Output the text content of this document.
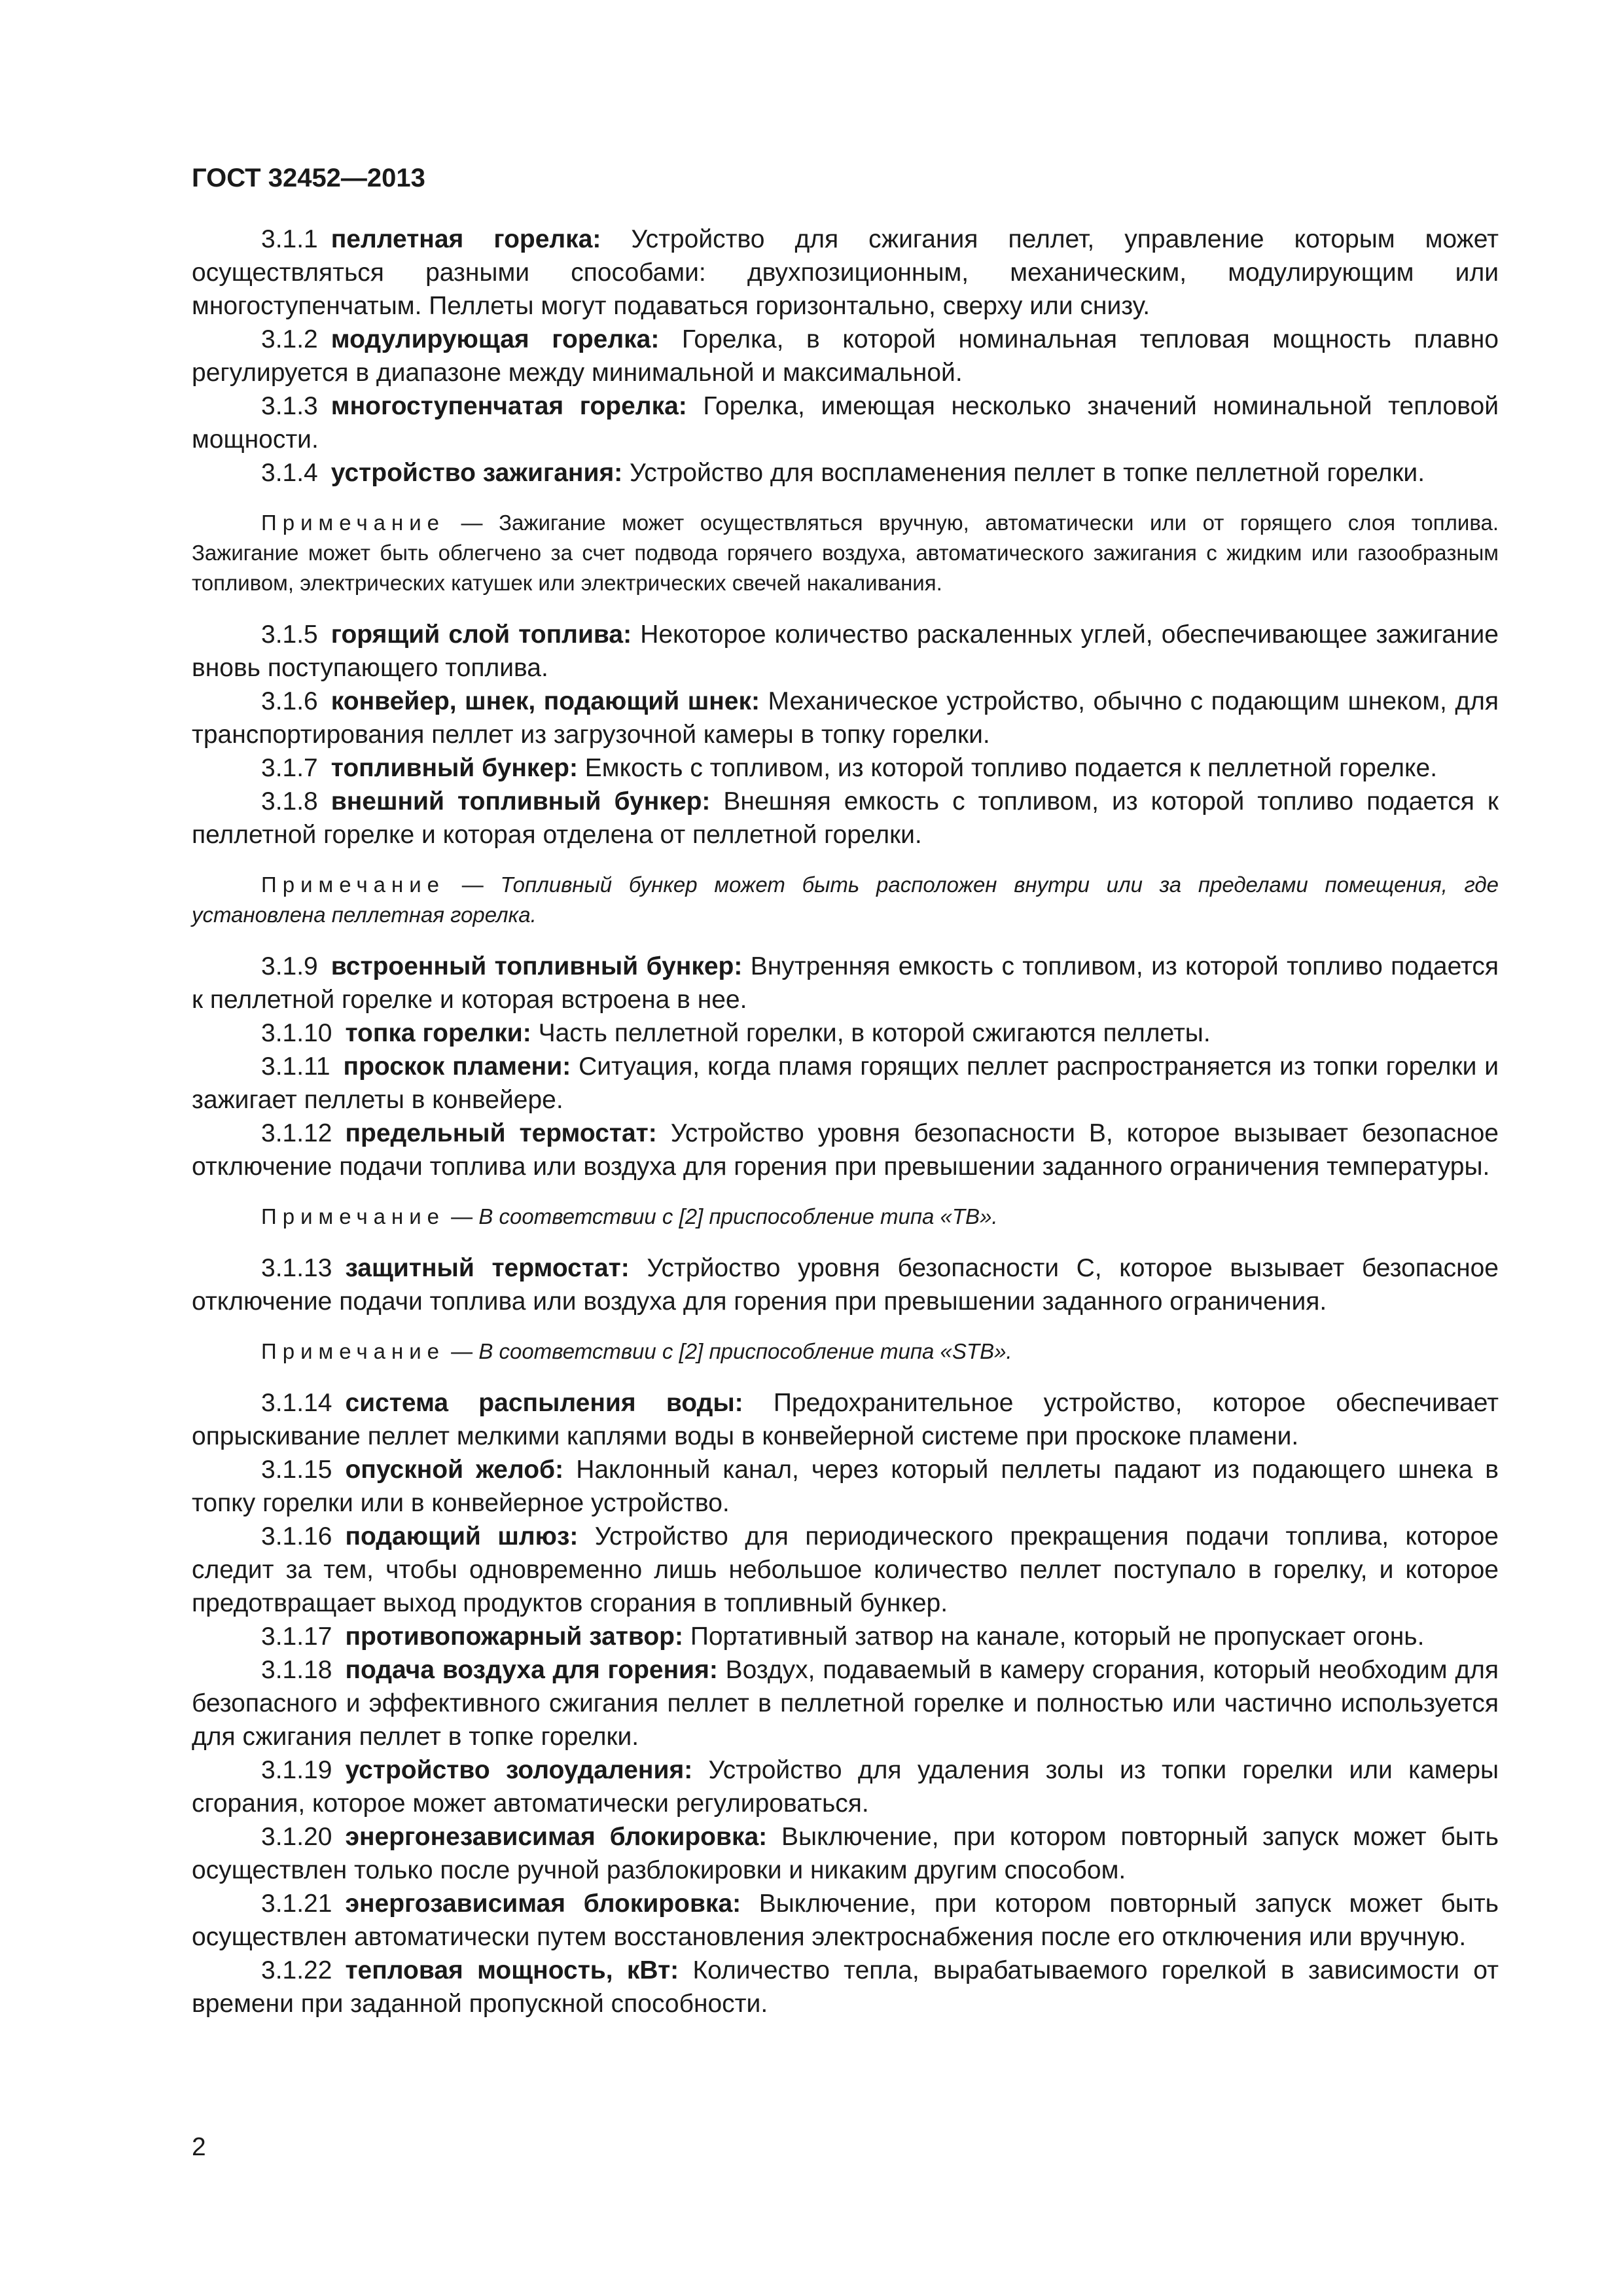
ГОСТ 32452—2013

3.1.1 пеллетная горелка: Устройство для сжигания пеллет, управление которым может осуществляться разными способами: двухпозиционным, механическим, модулирующим или многоступенчатым. Пеллеты могут подаваться горизонтально, сверху или снизу.

3.1.2 модулирующая горелка: Горелка, в которой номинальная тепловая мощность плавно регулируется в диапазоне между минимальной и максимальной.

3.1.3 многоступенчатая горелка: Горелка, имеющая несколько значений номинальной тепловой мощности.

3.1.4 устройство зажигания: Устройство для воспламенения пеллет в топке пеллетной горелки.

Примечание — Зажигание может осуществляться вручную, автоматически или от горящего слоя топлива. Зажигание может быть облегчено за счет подвода горячего воздуха, автоматического зажигания с жидким или газообразным топливом, электрических катушек или электрических свечей накаливания.

3.1.5 горящий слой топлива: Некоторое количество раскаленных углей, обеспечивающее зажигание вновь поступающего топлива.

3.1.6 конвейер, шнек, подающий шнек: Механическое устройство, обычно с подающим шнеком, для транспортирования пеллет из загрузочной камеры в топку горелки.

3.1.7 топливный бункер: Емкость с топливом, из которой топливо подается к пеллетной горелке.

3.1.8 внешний топливный бункер: Внешняя емкость с топливом, из которой топливо подается к пеллетной горелке и которая отделена от пеллетной горелки.

Примечание — Топливный бункер может быть расположен внутри или за пределами помещения, где установлена пеллетная горелка.

3.1.9 встроенный топливный бункер: Внутренняя емкость с топливом, из которой топливо подается к пеллетной горелке и которая встроена в нее.

3.1.10 топка горелки: Часть пеллетной горелки, в которой сжигаются пеллеты.

3.1.11 проскок пламени: Ситуация, когда пламя горящих пеллет распространяется из топки горелки и зажигает пеллеты в конвейере.

3.1.12 предельный термостат: Устройство уровня безопасности В, которое вызывает безопасное отключение подачи топлива или воздуха для горения при превышении заданного ограничения температуры.

Примечание — В соответствии с [2] приспособление типа «ТВ».

3.1.13 защитный термостат: Устрйоство уровня безопасности С, которое вызывает безопасное отключение подачи топлива или воздуха для горения при превышении заданного ограничения.

Примечание — В соответствии с [2] приспособление типа «STB».

3.1.14 система распыления воды: Предохранительное устройство, которое обеспечивает опрыскивание пеллет мелкими каплями воды в конвейерной системе при проскоке пламени.

3.1.15 опускной желоб: Наклонный канал, через который пеллеты падают из подающего шнека в топку горелки или в конвейерное устройство.

3.1.16 подающий шлюз: Устройство для периодического прекращения подачи топлива, которое следит за тем, чтобы одновременно лишь небольшое количество пеллет поступало в горелку, и которое предотвращает выход продуктов сгорания в топливный бункер.

3.1.17 противопожарный затвор: Портативный затвор на канале, который не пропускает огонь.

3.1.18 подача воздуха для горения: Воздух, подаваемый в камеру сгорания, который необходим для безопасного и эффективного сжигания пеллет в пеллетной горелке и полностью или частично используется для сжигания пеллет в топке горелки.

3.1.19 устройство золоудаления: Устройство для удаления золы из топки горелки или камеры сгорания, которое может автоматически регулироваться.

3.1.20 энергонезависимая блокировка: Выключение, при котором повторный запуск может быть осуществлен только после ручной разблокировки и никаким другим способом.

3.1.21 энергозависимая блокировка: Выключение, при котором повторный запуск может быть осуществлен автоматически путем восстановления электроснабжения после его отключения или вручную.

3.1.22 тепловая мощность, кВт: Количество тепла, вырабатываемого горелкой в зависимости от времени при заданной пропускной способности.

2
